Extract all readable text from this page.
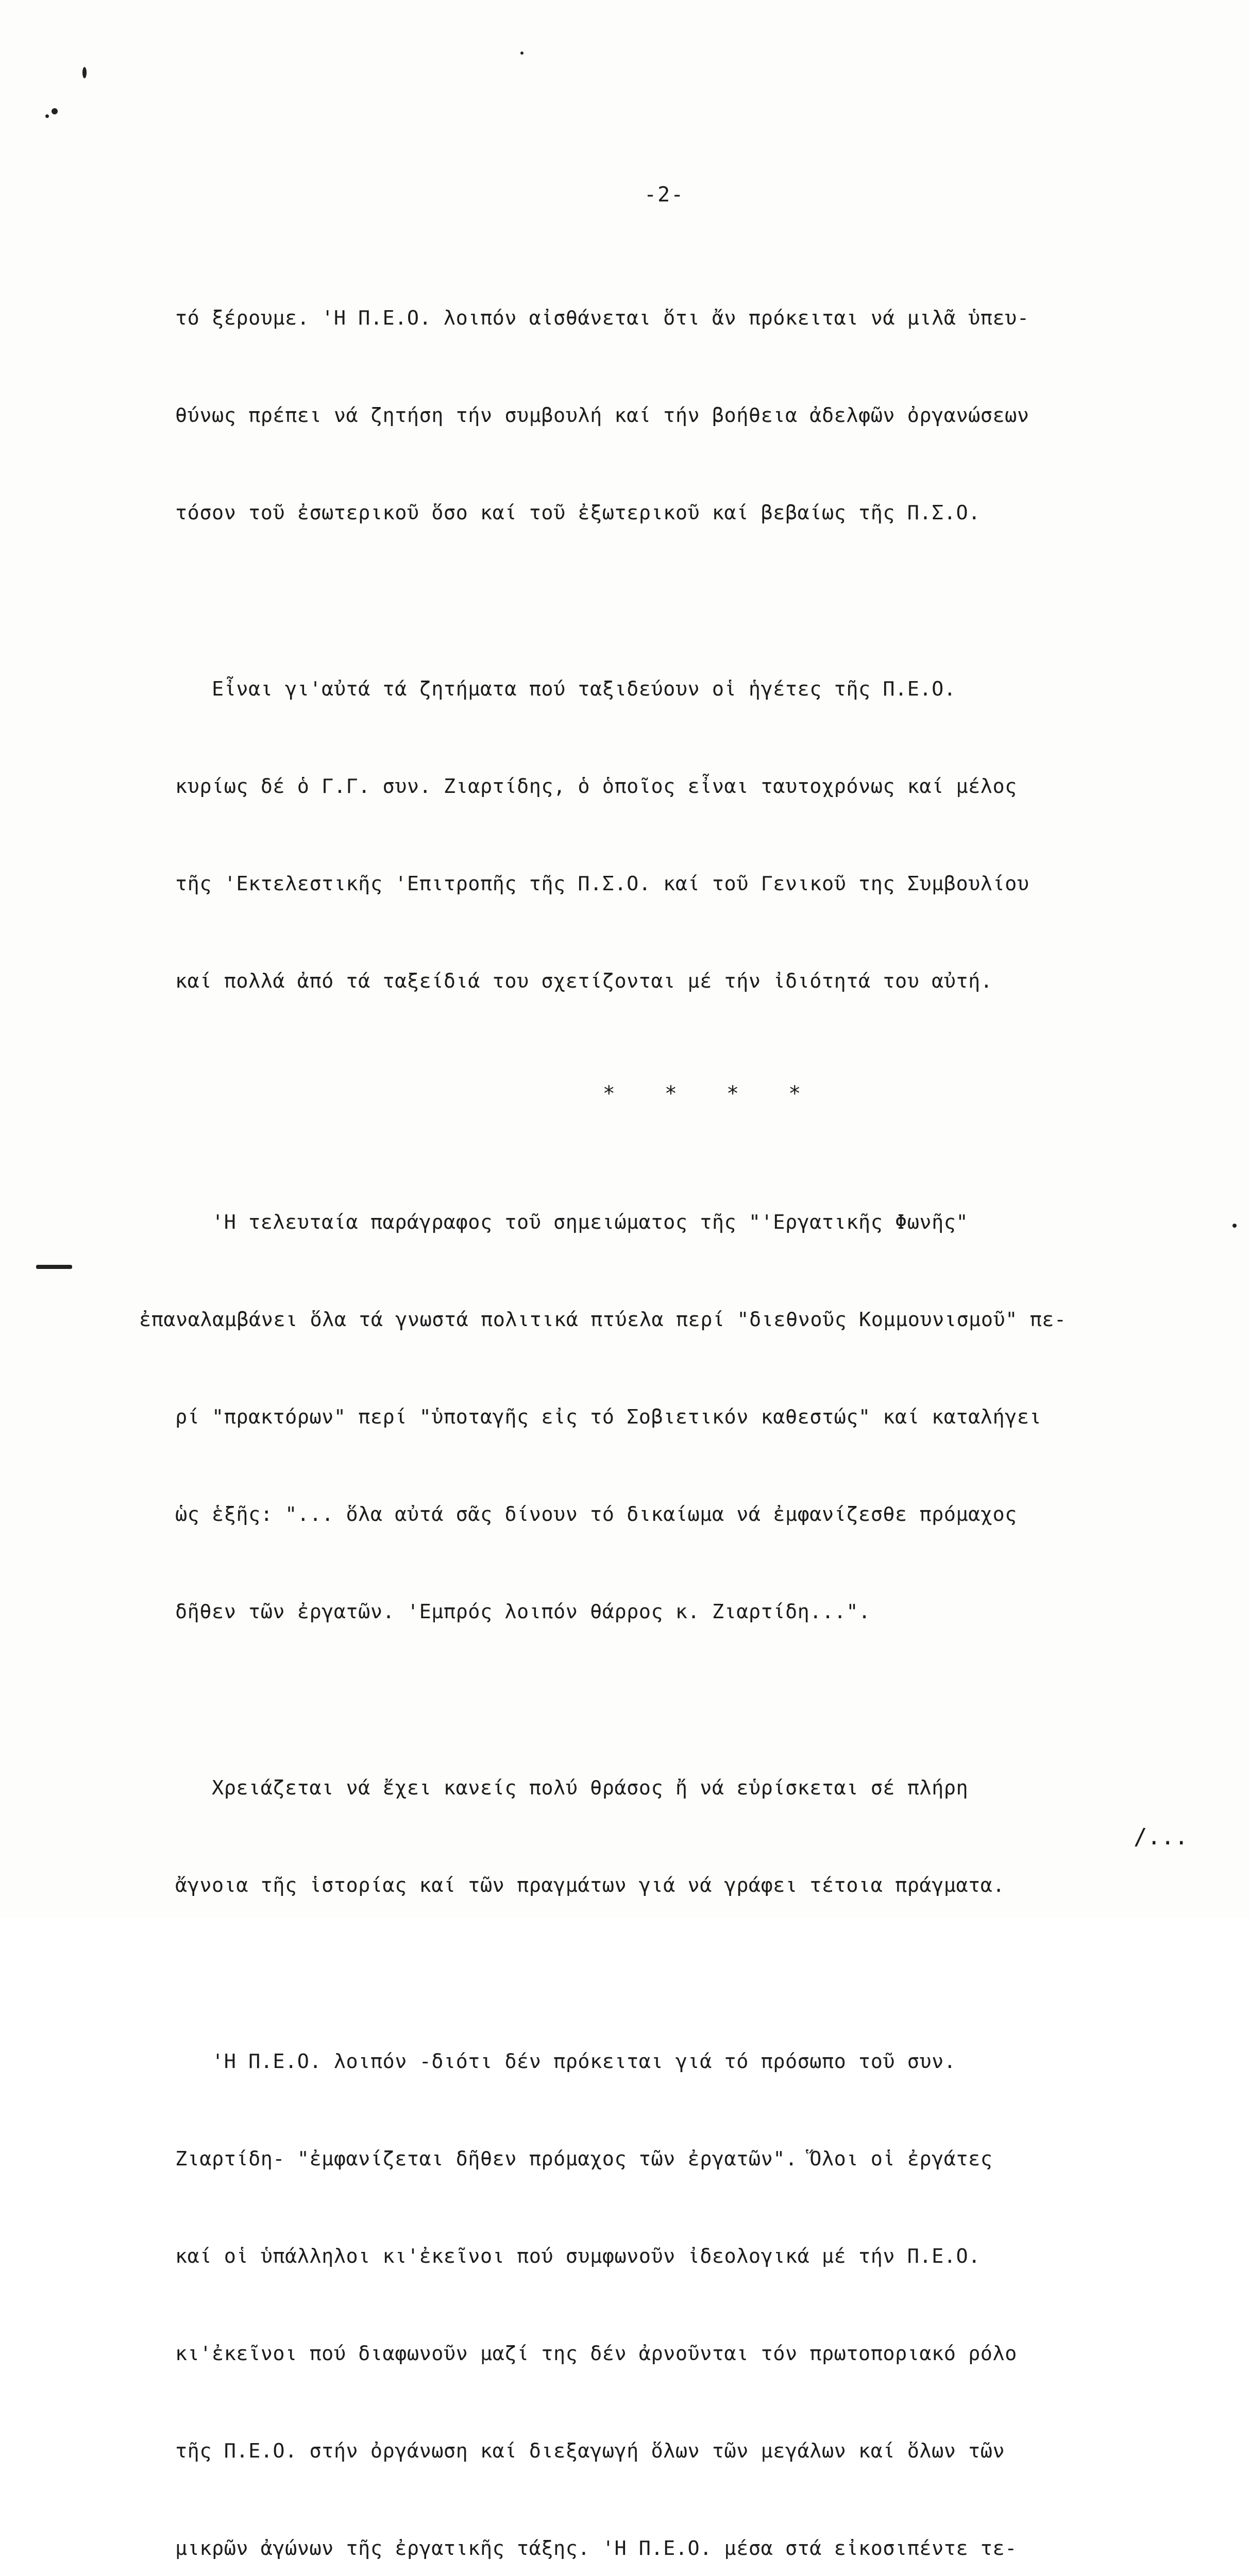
-2-

τό ξέρουμε. 'Η Π.Ε.Ο. λοιπόν αἰσθάνεται ὅτι ἄν πρόκειται νά μιλᾶ ὑπευ-

θύνως πρέπει νά ζητήση τήν συμβουλή καί τήν βοήθεια ἀδελφῶν ὀργανώσεων

τόσον τοῦ ἐσωτερικοῦ ὅσο καί τοῦ ἐξωτερικοῦ καί βεβαίως τῆς Π.Σ.Ο.

Εἶναι γι'αὐτά τά ζητήματα πού ταξιδεύουν οἱ ἡγέτες τῆς Π.Ε.Ο.

κυρίως δέ ὁ Γ.Γ. συν. Ζιαρτίδης, ὁ ὁποῖος εἶναι ταυτοχρόνως καί μέλος

τῆς 'Εκτελεστικῆς 'Επιτροπῆς τῆς Π.Σ.Ο. καί τοῦ Γενικοῦ της Συμβουλίου

καί πολλά ἀπό τά ταξείδιά του σχετίζονται μέ τήν ἰδιότητά του αὐτή.

* * * *

'Η τελευταία παράγραφος τοῦ σημειώματος τῆς "'Εργατικῆς Φωνῆς"

ἐπαναλαμβάνει ὅλα τά γνωστά πολιτικά πτύελα περί "διεθνοῦς Κομμουνισμοῦ" πε-

ρί "πρακτόρων" περί "ὑποταγῆς εἰς τό Σοβιετικόν καθεστώς" καί καταλήγει

ὡς ἑξῆς: "... ὅλα αὐτά σᾶς δίνουν τό δικαίωμα νά ἐμφανίζεσθε πρόμαχος

δῆθεν τῶν ἐργατῶν. 'Εμπρός λοιπόν θάρρος κ. Ζιαρτίδη...".

Χρειάζεται νά ἔχει κανείς πολύ θράσος ἤ νά εὑρίσκεται σέ πλήρη

ἄγνοια τῆς ἱστορίας καί τῶν πραγμάτων γιά νά γράφει τέτοια πράγματα.

'Η Π.Ε.Ο. λοιπόν -διότι δέν πρόκειται γιά τό πρόσωπο τοῦ συν.

Ζιαρτίδη- "ἐμφανίζεται δῆθεν πρόμαχος τῶν ἐργατῶν". Ὅλοι οἱ ἐργάτες

καί οἱ ὑπάλληλοι κι'ἐκεῖνοι πού συμφωνοῦν ἰδεολογικά μέ τήν Π.Ε.Ο.

κι'ἐκεῖνοι πού διαφωνοῦν μαζί της δέν ἀρνοῦνται τόν πρωτοποριακό ρόλο

τῆς Π.Ε.Ο. στήν ὀργάνωση καί διεξαγωγή ὅλων τῶν μεγάλων καί ὅλων τῶν

μικρῶν ἀγώνων τῆς ἐργατικῆς τάξης. 'Η Π.Ε.Ο. μέσα στά εἰκοσιπέντε τε-

/...
